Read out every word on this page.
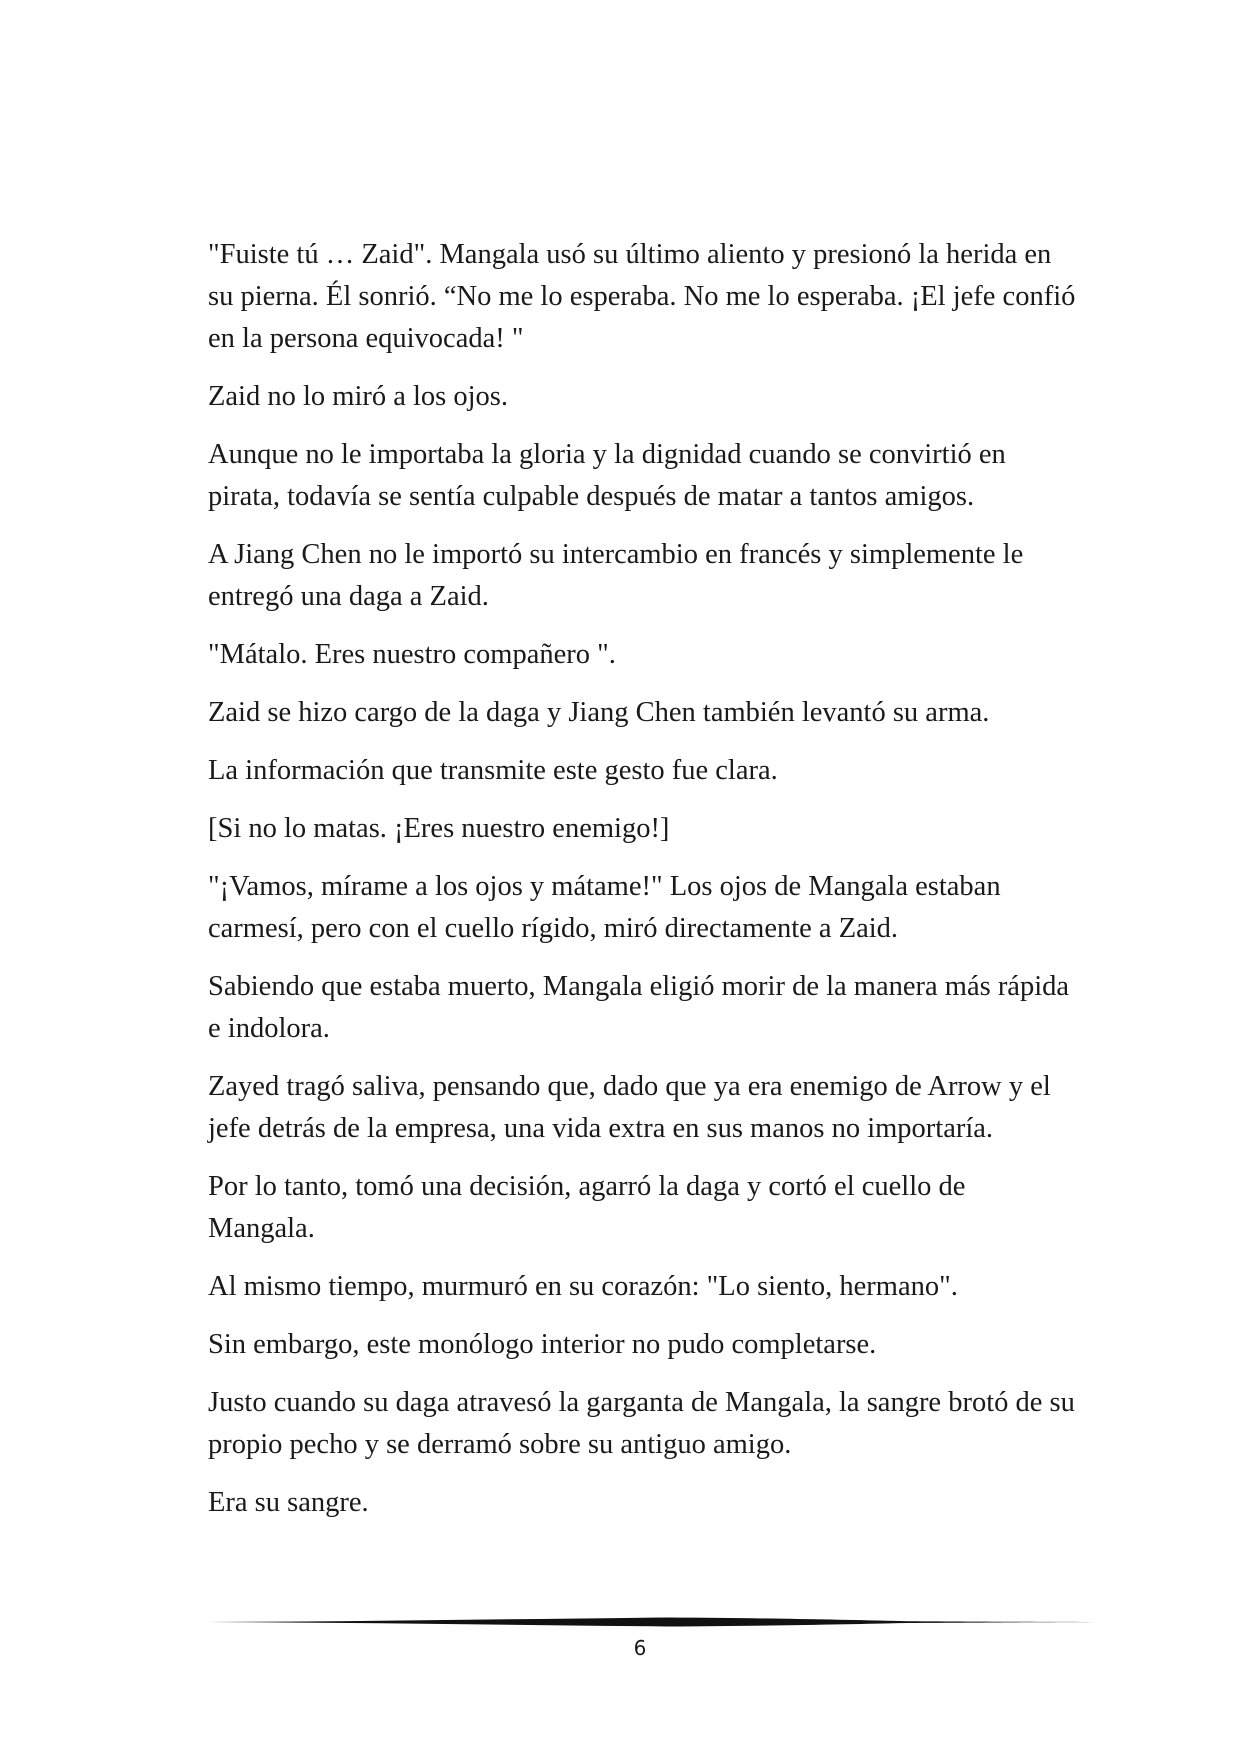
"Fuiste tú … Zaid". Mangala usó su último aliento y presionó la herida en su pierna. Él sonrió. “No me lo esperaba. No me lo esperaba. ¡El jefe confió en la persona equivocada! "

Zaid no lo miró a los ojos.

Aunque no le importaba la gloria y la dignidad cuando se convirtió en pirata, todavía se sentía culpable después de matar a tantos amigos.

A Jiang Chen no le importó su intercambio en francés y simplemente le entregó una daga a Zaid.

"Mátalo. Eres nuestro compañero ".

Zaid se hizo cargo de la daga y Jiang Chen también levantó su arma.

La información que transmite este gesto fue clara.

[Si no lo matas. ¡Eres nuestro enemigo!]

"¡Vamos, mírame a los ojos y mátame!" Los ojos de Mangala estaban carmesí, pero con el cuello rígido, miró directamente a Zaid.

Sabiendo que estaba muerto, Mangala eligió morir de la manera más rápida e indolora.

Zayed tragó saliva, pensando que, dado que ya era enemigo de Arrow y el jefe detrás de la empresa, una vida extra en sus manos no importaría.

Por lo tanto, tomó una decisión, agarró la daga y cortó el cuello de Mangala.

Al mismo tiempo, murmuró en su corazón: "Lo siento, hermano".

Sin embargo, este monólogo interior no pudo completarse.

Justo cuando su daga atravesó la garganta de Mangala, la sangre brotó de su propio pecho y se derramó sobre su antiguo amigo.

Era su sangre.

6
